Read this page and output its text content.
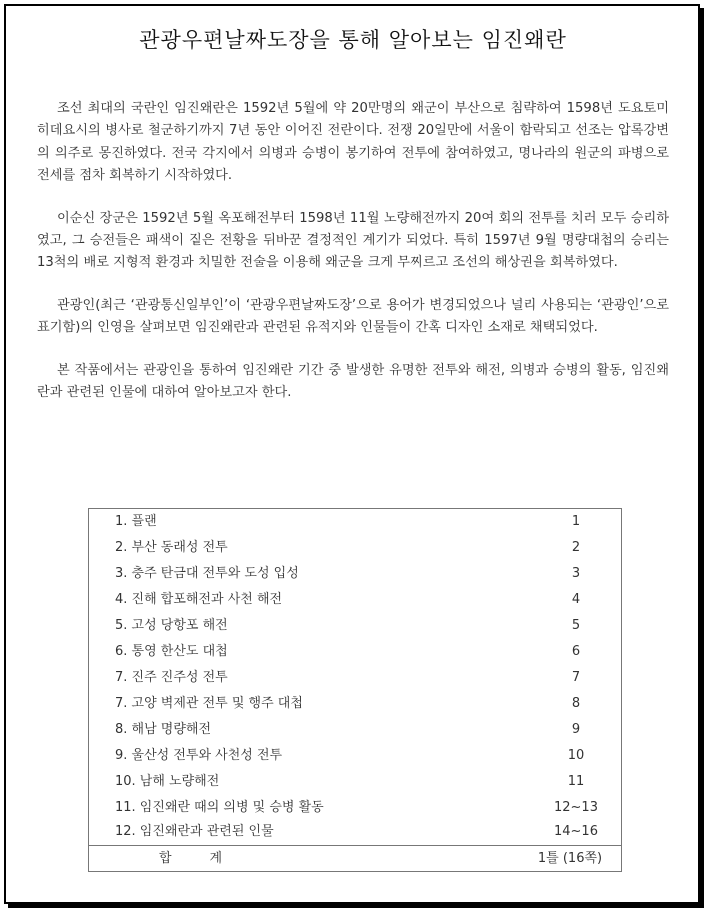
관광우편날짜도장을 통해 알아보는 임진왜란

조선 최대의 국란인 임진왜란은 1592년 5월에 약 20만명의 왜군이 부산으로 침략하여 1598년 도요토미 히데요시의 병사로 철군하기까지 7년 동안 이어진 전란이다. 전쟁 20일만에 서울이 함락되고 선조는 압록강변의 의주로 몽진하였다. 전국 각지에서 의병과 승병이 봉기하여 전투에 참여하였고, 명나라의 원군의 파병으로 전세를 점차 회복하기 시작하였다.

이순신 장군은 1592년 5월 옥포해전부터 1598년 11월 노량해전까지 20여 회의 전투를 치러 모두 승리하였고, 그 승전들은 패색이 짙은 전황을 뒤바꾼 결정적인 계기가 되었다. 특히 1597년 9월 명량대첩의 승리는 13척의 배로 지형적 환경과 치밀한 전술을 이용해 왜군을 크게 무찌르고 조선의 해상권을 회복하였다.

관광인(최근 ‘관광통신일부인’이 ‘관광우편날짜도장’으로 용어가 변경되었으나 널리 사용되는 ‘관광인’으로 표기함)의 인영을 살펴보면 임진왜란과 관련된 유적지와 인물들이 간혹 디자인 소재로 채택되었다.

본 작품에서는 관광인을 통하여 임진왜란 기간 중 발생한 유명한 전투와 해전, 의병과 승병의 활동, 임진왜란과 관련된 인물에 대하여 알아보고자 한다.

1. 플랜	1
2. 부산 동래성 전투	2
3. 충주 탄금대 전투와 도성 입성	3
4. 진해 합포해전과 사천 해전	4
5. 고성 당항포 해전	5
6. 통영 한산도 대첩	6
7. 진주 진주성 전투	7
7. 고양 벽제관 전투 및 행주 대첩	8
8. 해남 명량해전	9
9. 울산성 전투와 사천성 전투	10
10. 남해 노량해전	11
11. 임진왜란 때의 의병 및 승병 활동	12~13
12. 임진왜란과 관련된 인물	14~16
합계	1틀 (16쪽)
